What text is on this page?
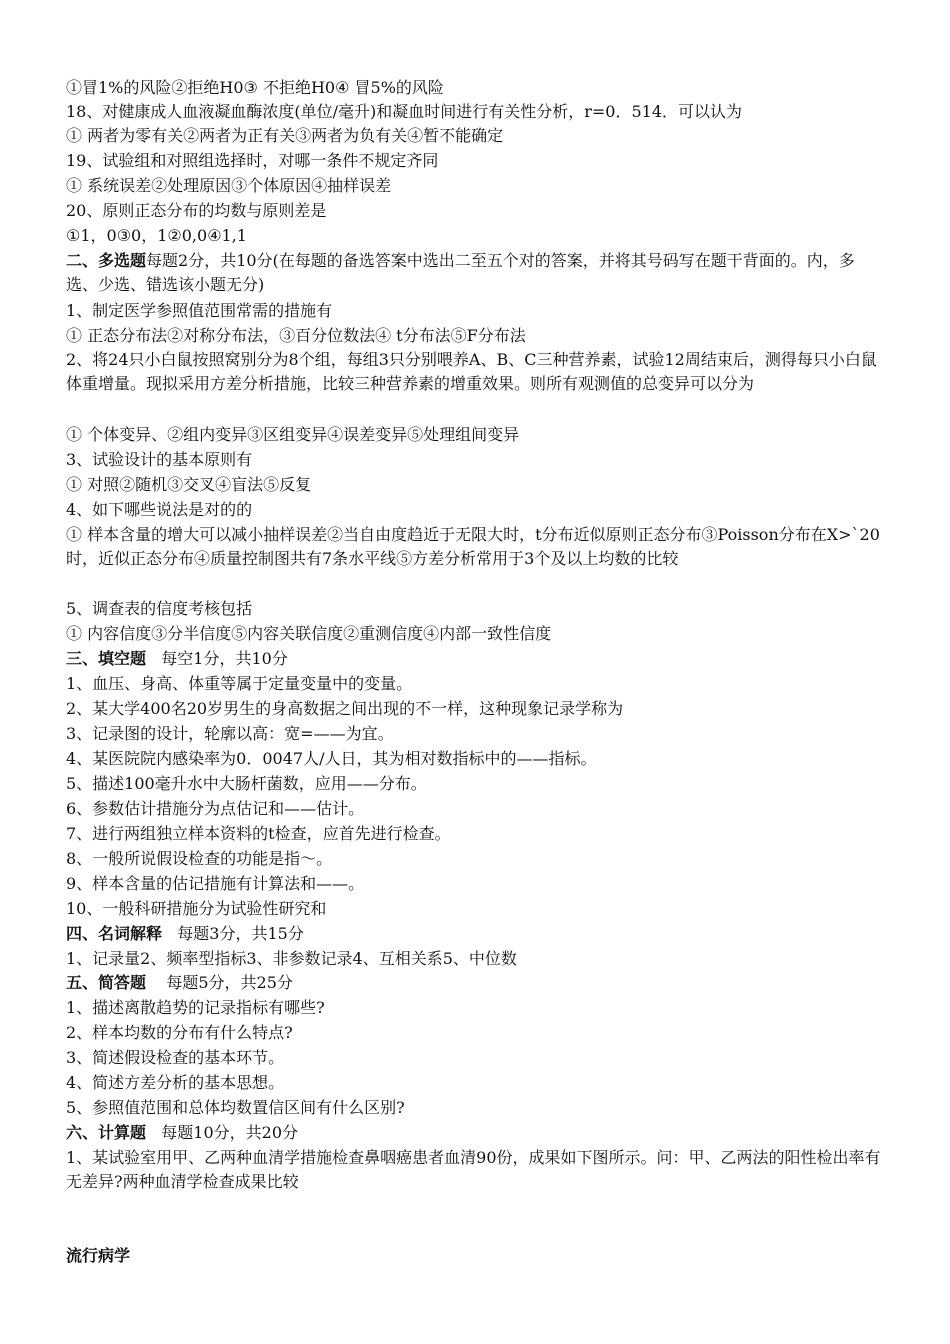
①冒1%的风险②拒绝H0③ 不拒绝H0④ 冒5%的风险
18、对健康成人血液凝血酶浓度(单位/毫升)和凝血时间进行有关性分析，r=0．514．可以认为
① 两者为零有关②两者为正有关③两者为负有关④暂不能确定
19、试验组和对照组选择时，对哪一条件不规定齐同
① 系统误差②处理原因③个体原因④抽样误差
20、原则正态分布的均数与原则差是
①1，0③0，1②0,0④1,1
二、多选题每题2分，共10分(在每题的备选答案中选出二至五个对的答案，并将其号码写在题干背面的。内，多选、少选、错选该小题无分)
1、制定医学参照值范围常需的措施有
① 正态分布法②对称分布法，③百分位数法④ t分布法⑤F分布法
2、将24只小白鼠按照窝别分为8个组，每组3只分别喂养A、B、C三种营养素，试验12周结束后，测得每只小白鼠体重增量。现拟采用方差分析措施，比较三种营养素的增重效果。则所有观测值的总变异可以分为
① 个体变异、②组内变异③区组变异④误差变异⑤处理组间变异
3、试验设计的基本原则有
① 对照②随机③交叉④盲法⑤反复
4、如下哪些说法是对的的
① 样本含量的增大可以减小抽样误差②当自由度趋近于无限大时，t分布近似原则正态分布③Poisson分布在X>`20时，近似正态分布④质量控制图共有7条水平线⑤方差分析常用于3个及以上均数的比较
5、调查表的信度考核包括
① 内容信度③分半信度⑤内容关联信度②重测信度④内部一致性信度
三、填空题 每空1分，共10分
1、血压、身高、体重等属于定量变量中的变量。
2、某大学400名20岁男生的身高数据之间出现的不一样，这种现象记录学称为
3、记录图的设计，轮廓以高：宽=——为宜。
4、某医院院内感染率为0．0047人/人日，其为相对数指标中的——指标。
5、描述100毫升水中大肠杆菌数，应用——分布。
6、参数估计措施分为点估记和——估计。
7、进行两组独立样本资料的t检查，应首先进行检查。
8、一般所说假设检查的功能是指～。
9、样本含量的估记措施有计算法和——。
10、一般科研措施分为试验性研究和
四、名词解释 每题3分，共15分
1、记录量2、频率型指标3、非参数记录4、互相关系5、中位数
五、简答题 每题5分，共25分
1、描述离散趋势的记录指标有哪些?
2、样本均数的分布有什么特点?
3、简述假设检查的基本环节。
4、简述方差分析的基本思想。
5、参照值范围和总体均数置信区间有什么区别?
六、计算题 每题10分，共20分
1、某试验室用甲、乙两种血清学措施检查鼻咽癌患者血清90份，成果如下图所示。问：甲、乙两法的阳性检出率有无差异?两种血清学检查成果比较
流行病学
